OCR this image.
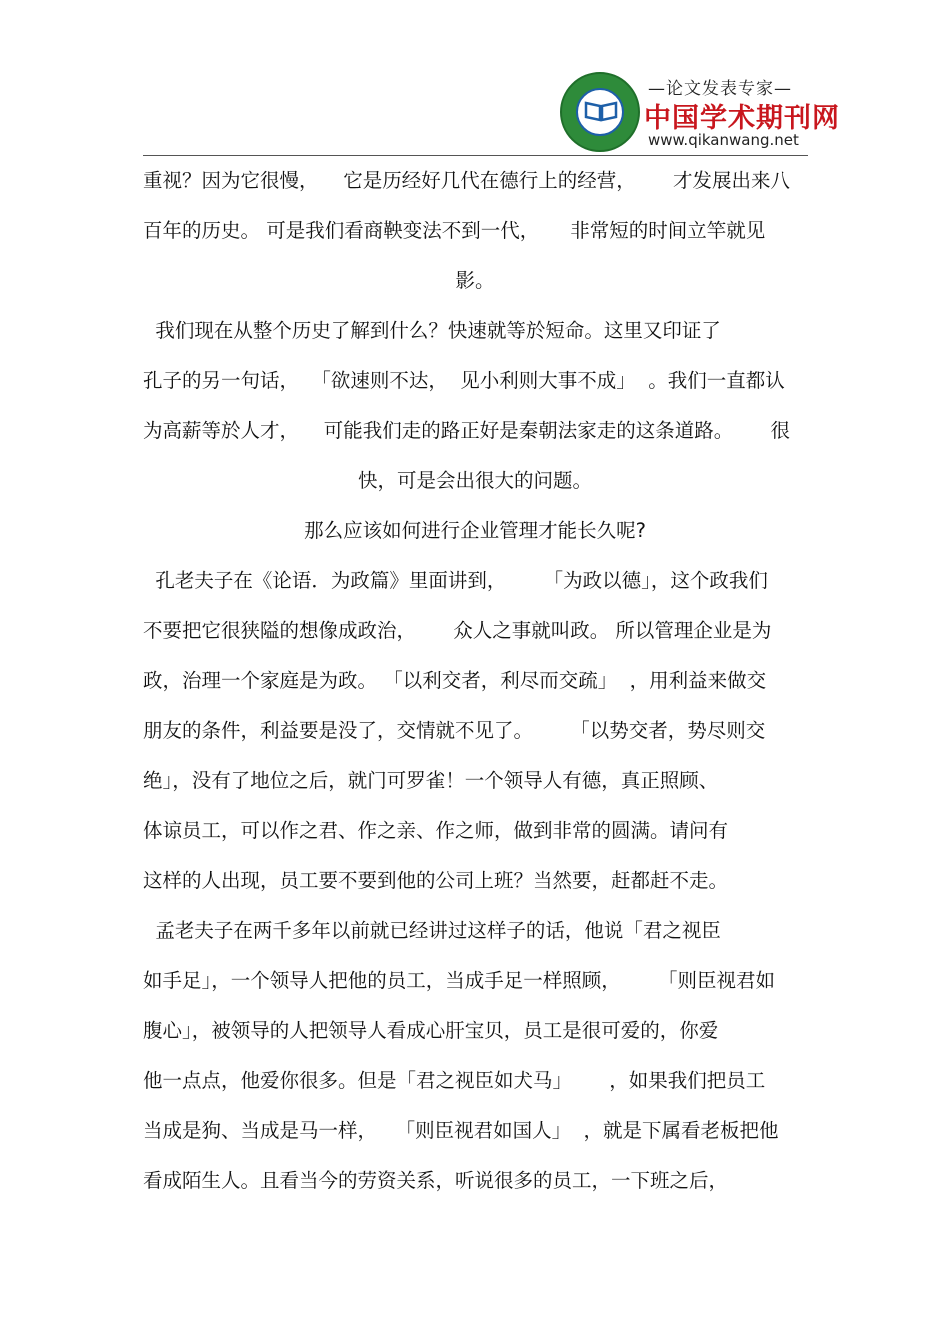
—论文发表专家—
中国学术期刊网
www.qikanwang.net
重视？因为它很慢，    它是历经好几代在德行上的经营，      才发展出来八
百年的历史。 可是我们看商鞅变法不到一代，     非常短的时间立竿就见
影。
我们现在从整个历史了解到什么？快速就等於短命。这里又印证了
孔子的另一句话，  「欲速则不达，  见小利则大事不成」  。我们一直都认
为高薪等於人才，    可能我们走的路正好是秦朝法家走的这条道路。      很
快，可是会出很大的问题。
那么应该如何进行企业管理才能长久呢?
孔老夫子在《论语．为政篇》里面讲到，      「为政以德」，这个政我们
不要把它很狭隘的想像成政治，      众人之事就叫政。 所以管理企业是为
政，治理一个家庭是为政。 「以利交者，利尽而交疏」  ，用利益来做交
朋友的条件，利益要是没了，交情就不见了。      「以势交者，势尽则交
绝」，没有了地位之后，就门可罗雀！一个领导人有德，真正照顾、
体谅员工，可以作之君、作之亲、作之师，做到非常的圆满。请问有
这样的人出现，员工要不要到他的公司上班？当然要，赶都赶不走。
孟老夫子在两千多年以前就已经讲过这样子的话，他说「君之视臣
如手足」，一个领导人把他的员工，当成手足一样照顾，      「则臣视君如
腹心」，被领导的人把领导人看成心肝宝贝，员工是很可爱的，你爱
他一点点，他爱你很多。但是「君之视臣如犬马」      ，如果我们把员工
当成是狗、当成是马一样，   「则臣视君如国人」  ，就是下属看老板把他
看成陌生人。且看当今的劳资关系，听说很多的员工，一下班之后，
